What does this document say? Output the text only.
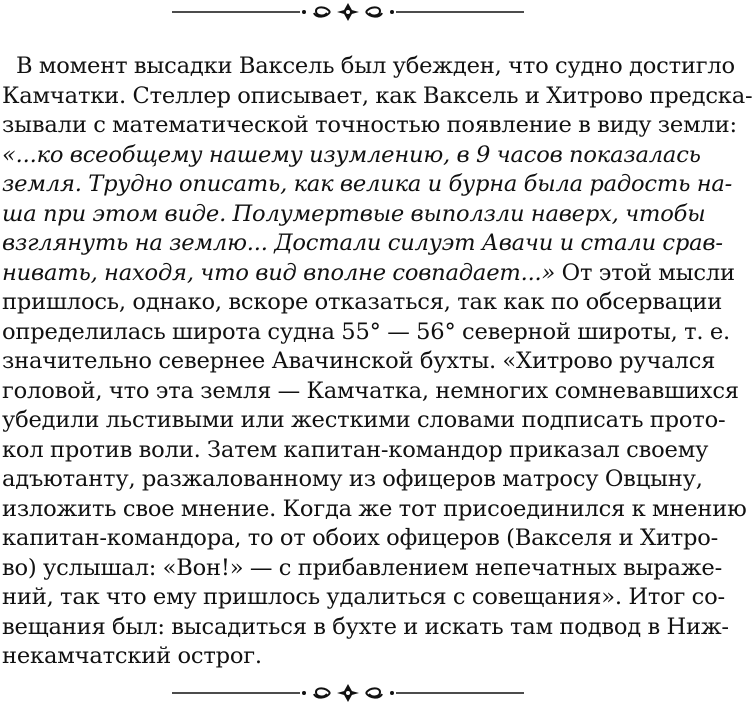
В момент высадки Ваксель был убежден, что судно достигло
Камчатки. Стеллер описывает, как Ваксель и Хитрово предска-
зывали с математической точностью появление в виду земли:
«...ко всеобщему нашему изумлению, в 9 часов показалась
земля. Трудно описать, как велика и бурна была радость на-
ша при этом виде. Полумертвые выползли наверх, чтобы
взглянуть на землю... Достали силуэт Авачи и стали срав-
нивать, находя, что вид вполне совпадает...» От этой мысли
пришлось, однако, вскоре отказаться, так как по обсервации
определилась широта судна 55° — 56° северной широты, т. е.
значительно севернее Авачинской бухты. «Хитрово ручался
головой, что эта земля — Камчатка, немногих сомневавшихся
убедили льстивыми или жесткими словами подписать прото-
кол против воли. Затем капитан-командор приказал своему
адъютанту, разжалованному из офицеров матросу Овцыну,
изложить свое мнение. Когда же тот присоединился к мнению
капитан-командора, то от обоих офицеров (Вакселя и Хитро-
во) услышал: «Вон!» — с прибавлением непечатных выраже-
ний, так что ему пришлось удалиться с совещания». Итог со-
вещания был: высадиться в бухте и искать там подвод в Ниж-
некамчатский острог.
